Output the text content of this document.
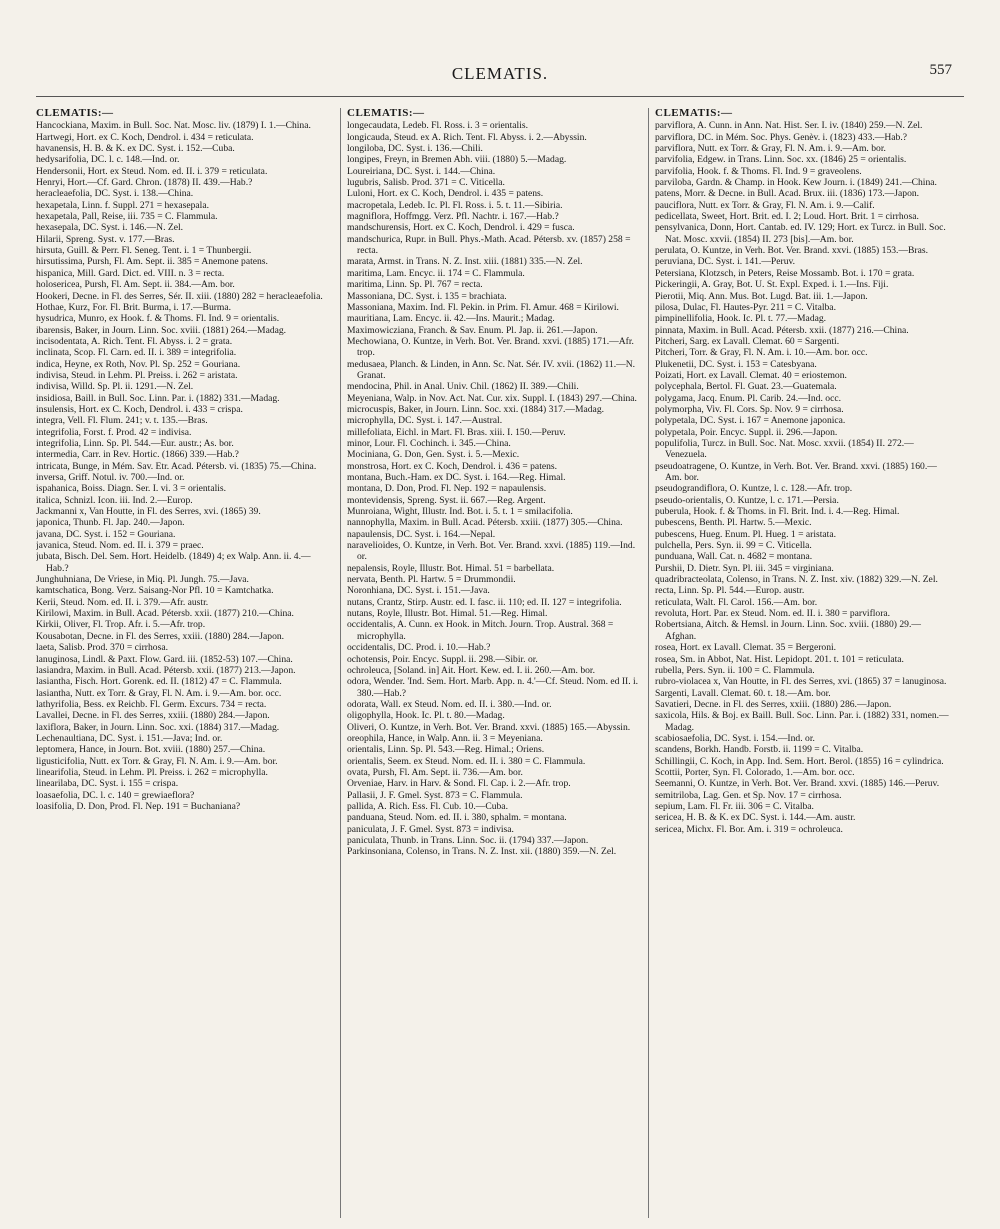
CLEMATIS.	557
CLEMATIS:—

Hancockiana, Maxim. in Bull. Soc. Nat. Mosc. liv. (1879) I. 1.—China.

Hartwegi, Hort. ex C. Koch, Dendrol. i. 434 = reticulata.

havanensis, H. B. & K. ex DC. Syst. i. 152.—Cuba.

hedysarifolia, DC. l. c. 148.—Ind. or.

Hendersonii, Hort. ex Steud. Nom. ed. II. i. 379 = reticulata.

Henryi, Hort.—Cf. Gard. Chron. (1878) II. 439.—Hab.?

heracleaefolia, DC. Syst. i. 138.—China.

hexapetala, Linn. f. Suppl. 271 = hexasepala.

hexapetala, Pall, Reise, iii. 735 = C. Flammula.

hexasepala, DC. Syst. i. 146.—N. Zel.

Hilarii, Spreng. Syst. v. 177.—Bras.

hirsuta, Guill. & Perr. Fl. Seneg. Tent. i. 1 = Thunbergii.

hirsutissima, Pursh, Fl. Am. Sept. ii. 385 = Anemone patens.

hispanica, Mill. Gard. Dict. ed. VIII. n. 3 = recta.

holosericea, Pursh, Fl. Am. Sept. ii. 384.—Am. bor.

Hookeri, Decne. in Fl. des Serres, Sér. II. xiii. (1880) 282 = heracleaefolia.

Hothae, Kurz, For. Fl. Brit. Burma, i. 17.—Burma.

hysudrica, Munro, ex Hook. f. & Thoms. Fl. Ind. 9 = orientalis.

ibarensis, Baker, in Journ. Linn. Soc. xviii. (1881) 264.—Madag.

incisodentata, A. Rich. Tent. Fl. Abyss. i. 2 = grata.

inclinata, Scop. Fl. Carn. ed. II. i. 389 = integrifolia.

indica, Heyne, ex Roth, Nov. Pl. Sp. 252 = Gouriana.

indivisa, Steud. in Lehm. Pl. Preiss. i. 262 = aristata.

indivisa, Willd. Sp. Pl. ii. 1291.—N. Zel.

insidiosa, Baill. in Bull. Soc. Linn. Par. i. (1882) 331.—Madag.

insulensis, Hort. ex C. Koch, Dendrol. i. 433 = crispa.

integra, Vell. Fl. Flum. 241; v. t. 135.—Bras.

integrifolia, Forst. f. Prod. 42 = indivisa.

integrifolia, Linn. Sp. Pl. 544.—Eur. austr.; As. bor.

intermedia, Carr. in Rev. Hortic. (1866) 339.—Hab.?

intricata, Bunge, in Mém. Sav. Etr. Acad. Pétersb. vi. (1835) 75.—China.

inversa, Griff. Notul. iv. 700.—Ind. or.

ispahanica, Boiss. Diagn. Ser. I. vi. 3 = orientalis.

italica, Schnizl. Icon. iii. Ind. 2.—Europ.

Jackmanni x, Van Houtte, in Fl. des Serres, xvi. (1865) 39.

japonica, Thunb. Fl. Jap. 240.—Japon.

javana, DC. Syst. i. 152 = Gouriana.

javanica, Steud. Nom. ed. II. i. 379 = praec.

jubata, Bisch. Del. Sem. Hort. Heidelb. (1849) 4; ex Walp. Ann. ii. 4.—Hab.?

Junghuhniana, De Vriese, in Miq. Pl. Jungh. 75.—Java.

kamtschatica, Bong. Verz. Saisang-Nor Pfl. 10 = Kamtchatka.

Kerii, Steud. Nom. ed. II. i. 379.—Afr. austr.

Kirilowi, Maxim. in Bull. Acad. Pétersb. xxii. (1877) 210.—China.

Kirkii, Oliver, Fl. Trop. Afr. i. 5.—Afr. trop.

Kousabotan, Decne. in Fl. des Serres, xxiii. (1880) 284.—Japon.

laeta, Salisb. Prod. 370 = cirrhosa.

lanuginosa, Lindl. & Paxt. Flow. Gard. iii. (1852-53) 107.—China.

lasiandra, Maxim. in Bull. Acad. Pétersb. xxii. (1877) 213.—Japon.

lasiantha, Fisch. Hort. Gorenk. ed. II. (1812) 47 = C. Flammula.

lasiantha, Nutt. ex Torr. & Gray, Fl. N. Am. i. 9.—Am. bor. occ.

lathyrifolia, Bess. ex Reichb. Fl. Germ. Excurs. 734 = recta.

Lavallei, Decne. in Fl. des Serres, xxiii. (1880) 284.—Japon.

laxiflora, Baker, in Journ. Linn. Soc. xxi. (1884) 317.—Madag.

Lechenaultiana, DC. Syst. i. 151.—Java; Ind. or.

leptomera, Hance, in Journ. Bot. xviii. (1880) 257.—China.

ligusticifolia, Nutt. ex Torr. & Gray, Fl. N. Am. i. 9.—Am. bor.

linearifolia, Steud. in Lehm. Pl. Preiss. i. 262 = microphylla.

linearilaba, DC. Syst. i. 155 = crispa.

loasaefolia, DC. l. c. 140 = grewiaeflora?

loasifolia, D. Don, Prod. Fl. Nep. 191 = Buchaniana?

CLEMATIS:—

longecaudata, Ledeb. Fl. Ross. i. 3 = orientalis.

longicauda, Steud. ex A. Rich. Tent. Fl. Abyss. i. 2.—Abyssin.

longiloba, DC. Syst. i. 136.—Chili.

longipes, Freyn, in Bremen Abh. viii. (1880) 5.—Madag.

Loureiriana, DC. Syst. i. 144.—China.

lugubris, Salisb. Prod. 371 = C. Viticella.

Luloni, Hort. ex C. Koch, Dendrol. i. 435 = patens.

macropetala, Ledeb. Ic. Pl. Fl. Ross. i. 5. t. 11.—Sibiria.

magniflora, Hoffmgg. Verz. Pfl. Nachtr. i. 167.—Hab.?

mandschurensis, Hort. ex C. Koch, Dendrol. i. 429 = fusca.

mandschurica, Rupr. in Bull. Phys.-Math. Acad. Pétersb. xv. (1857) 258 = recta.

marata, Armst. in Trans. N. Z. Inst. xiii. (1881) 335.—N. Zel.

maritima, Lam. Encyc. ii. 174 = C. Flammula.

maritima, Linn. Sp. Pl. 767 = recta.

Massoniana, DC. Syst. i. 135 = brachiata.

Massoniana, Maxim. Ind. Fl. Pekin. in Prim. Fl. Amur. 468 = Kirilowi.

mauritiana, Lam. Encyc. ii. 42.—Ins. Maurit.; Madag.

Maximowicziana, Franch. & Sav. Enum. Pl. Jap. ii. 261.—Japon.

Mechowiana, O. Kuntze, in Verh. Bot. Ver. Brand. xxvi. (1885) 171.—Afr. trop.

medusaea, Planch. & Linden, in Ann. Sc. Nat. Sér. IV. xvii. (1862) 11.—N. Granat.

mendocina, Phil. in Anal. Univ. Chil. (1862) II. 389.—Chili.

Meyeniana, Walp. in Nov. Act. Nat. Cur. xix. Suppl. I. (1843) 297.—China.

microcuspis, Baker, in Journ. Linn. Soc. xxi. (1884) 317.—Madag.

microphylla, DC. Syst. i. 147.—Austral.

millefoliata, Eichl. in Mart. Fl. Bras. xiii. I. 150.—Peruv.

minor, Lour. Fl. Cochinch. i. 345.—China.

Mociniana, G. Don, Gen. Syst. i. 5.—Mexic.

monstrosa, Hort. ex C. Koch, Dendrol. i. 436 = patens.

montana, Buch.-Ham. ex DC. Syst. i. 164.—Reg. Himal.

montana, D. Don, Prod. Fl. Nep. 192 = napaulensis.

montevidensis, Spreng. Syst. ii. 667.—Reg. Argent.

Munroiana, Wight, Illustr. Ind. Bot. i. 5. t. 1 = smilacifolia.

nannophylla, Maxim. in Bull. Acad. Pétersb. xxiii. (1877) 305.—China.

napaulensis, DC. Syst. i. 164.—Nepal.

naravelioides, O. Kuntze, in Verh. Bot. Ver. Brand. xxvi. (1885) 119.—Ind. or.

nepalensis, Royle, Illustr. Bot. Himal. 51 = barbellata.

nervata, Benth. Pl. Hartw. 5 = Drummondii.

Noronhiana, DC. Syst. i. 151.—Java.

nutans, Crantz, Stirp. Austr. ed. I. fasc. ii. 110; ed. II. 127 = integrifolia.

nutans, Royle, Illustr. Bot. Himal. 51.—Reg. Himal.

occidentalis, A. Cunn. ex Hook. in Mitch. Journ. Trop. Austral. 368 = microphylla.

occidentalis, DC. Prod. i. 10.—Hab.?

ochotensis, Poir. Encyc. Suppl. ii. 298.—Sibir. or.

ochroleuca, [Soland. in] Ait. Hort. Kew. ed. I. ii. 260.—Am. bor.

odora, Wender. 'Ind. Sem. Hort. Marb. App. n. 4.'—Cf. Steud. Nom. ed II. i. 380.—Hab.?

odorata, Wall. ex Steud. Nom. ed. II. i. 380.—Ind. or.

oligophylla, Hook. Ic. Pl. t. 80.—Madag.

Oliveri, O. Kuntze, in Verh. Bot. Ver. Brand. xxvi. (1885) 165.—Abyssin.

oreophila, Hance, in Walp. Ann. ii. 3 = Meyeniana.

orientalis, Linn. Sp. Pl. 543.—Reg. Himal.; Oriens.

orientalis, Seem. ex Steud. Nom. ed. II. i. 380 = C. Flammula.

ovata, Pursh, Fl. Am. Sept. ii. 736.—Am. bor.

Orveniae, Harv. in Harv. & Sond. Fl. Cap. i. 2.—Afr. trop.

Pallasii, J. F. Gmel. Syst. 873 = C. Flammula.

pallida, A. Rich. Ess. Fl. Cub. 10.—Cuba.

panduana, Steud. Nom. ed. II. i. 380, sphalm. = montana.

paniculata, J. F. Gmel. Syst. 873 = indivisa.

paniculata, Thunb. in Trans. Linn. Soc. ii. (1794) 337.—Japon.

Parkinsoniana, Colenso, in Trans. N. Z. Inst. xii. (1880) 359.—N. Zel.

CLEMATIS:—

parviflora, A. Cunn. in Ann. Nat. Hist. Ser. I. iv. (1840) 259.—N. Zel.

parviflora, DC. in Mém. Soc. Phys. Genèv. i. (1823) 433.—Hab.?

parviflora, Nutt. ex Torr. & Gray, Fl. N. Am. i. 9.—Am. bor.

parvifolia, Edgew. in Trans. Linn. Soc. xx. (1846) 25 = orientalis.

parvifolia, Hook. f. & Thoms. Fl. Ind. 9 = graveolens.

parviloba, Gardn. & Champ. in Hook. Kew Journ. i. (1849) 241.—China.

patens, Morr. & Decne. in Bull. Acad. Brux. iii. (1836) 173.—Japon.

pauciflora, Nutt. ex Torr. & Gray, Fl. N. Am. i. 9.—Calif.

pedicellata, Sweet, Hort. Brit. ed. I. 2; Loud. Hort. Brit. 1 = cirrhosa.

pensylvanica, Donn, Hort. Cantab. ed. IV. 129; Hort. ex Turcz. in Bull. Soc. Nat. Mosc. xxvii. (1854) II. 273 [bis].—Am. bor.

perulata, O. Kuntze, in Verh. Bot. Ver. Brand. xxvi. (1885) 153.—Bras.

peruviana, DC. Syst. i. 141.—Peruv.

Petersiana, Klotzsch, in Peters, Reise Mossamb. Bot. i. 170 = grata.

Pickeringii, A. Gray, Bot. U. St. Expl. Exped. i. 1.—Ins. Fiji.

Pierotii, Miq. Ann. Mus. Bot. Lugd. Bat. iii. 1.—Japon.

pilosa, Dulac, Fl. Hautes-Pyr. 211 = C. Vitalba.

pimpinellifolia, Hook. Ic. Pl. t. 77.—Madag.

pinnata, Maxim. in Bull. Acad. Pétersb. xxii. (1877) 216.—China.

Pitcheri, Sarg. ex Lavall. Clemat. 60 = Sargenti.

Pitcheri, Torr. & Gray, Fl. N. Am. i. 10.—Am. bor. occ.

Plukenetii, DC. Syst. i. 153 = Catesbyana.

Poizati, Hort. ex Lavall. Clemat. 40 = eriostemon.

polycephala, Bertol. Fl. Guat. 23.—Guatemala.

polygama, Jacq. Enum. Pl. Carib. 24.—Ind. occ.

polymorpha, Viv. Fl. Cors. Sp. Nov. 9 = cirrhosa.

polypetala, DC. Syst. i. 167 = Anemone japonica.

polypetala, Poir. Encyc. Suppl. ii. 296.—Japon.

populifolia, Turcz. in Bull. Soc. Nat. Mosc. xxvii. (1854) II. 272.—Venezuela.

pseudoatragene, O. Kuntze, in Verh. Bot. Ver. Brand. xxvi. (1885) 160.—Am. bor.

pseudograndiflora, O. Kuntze, l. c. 128.—Afr. trop.

pseudo-orientalis, O. Kuntze, l. c. 171.—Persia.

puberula, Hook. f. & Thoms. in Fl. Brit. Ind. i. 4.—Reg. Himal.

pubescens, Benth. Pl. Hartw. 5.—Mexic.

pubescens, Hueg. Enum. Pl. Hueg. 1 = aristata.

pulchella, Pers. Syn. ii. 99 = C. Viticella.

punduana, Wall. Cat. n. 4682 = montana.

Purshii, D. Dietr. Syn. Pl. iii. 345 = virginiana.

quadribracteolata, Colenso, in Trans. N. Z. Inst. xiv. (1882) 329.—N. Zel.

recta, Linn. Sp. Pl. 544.—Europ. austr.

reticulata, Walt. Fl. Carol. 156.—Am. bor.

revoluta, Hort. Par. ex Steud. Nom. ed. II. i. 380 = parviflora.

Robertsiana, Aitch. & Hemsl. in Journ. Linn. Soc. xviii. (1880) 29.—Afghan.

rosea, Hort. ex Lavall. Clemat. 35 = Bergeroni.

rosea, Sm. in Abbot, Nat. Hist. Lepidopt. 201. t. 101 = reticulata.

rubella, Pers. Syn. ii. 100 = C. Flammula.

rubro-violacea x, Van Houtte, in Fl. des Serres, xvi. (1865) 37 = lanuginosa.

Sargenti, Lavall. Clemat. 60. t. 18.—Am. bor.

Savatieri, Decne. in Fl. des Serres, xxiii. (1880) 286.—Japon.

saxicola, Hils. & Boj. ex Baill. Bull. Soc. Linn. Par. i. (1882) 331, nomen.—Madag.

scabiosaefolia, DC. Syst. i. 154.—Ind. or.

scandens, Borkh. Handb. Forstb. ii. 1199 = C. Vitalba.

Schillingii, C. Koch, in App. Ind. Sem. Hort. Berol. (1855) 16 = cylindrica.

Scottii, Porter, Syn. Fl. Colorado, 1.—Am. bor. occ.

Seemanni, O. Kuntze, in Verh. Bot. Ver. Brand. xxvi. (1885) 146.—Peruv.

semitriloba, Lag. Gen. et Sp. Nov. 17 = cirrhosa.

sepium, Lam. Fl. Fr. iii. 306 = C. Vitalba.

sericea, H. B. & K. ex DC. Syst. i. 144.—Am. austr.

sericea, Michx. Fl. Bor. Am. i. 319 = ochroleuca.
